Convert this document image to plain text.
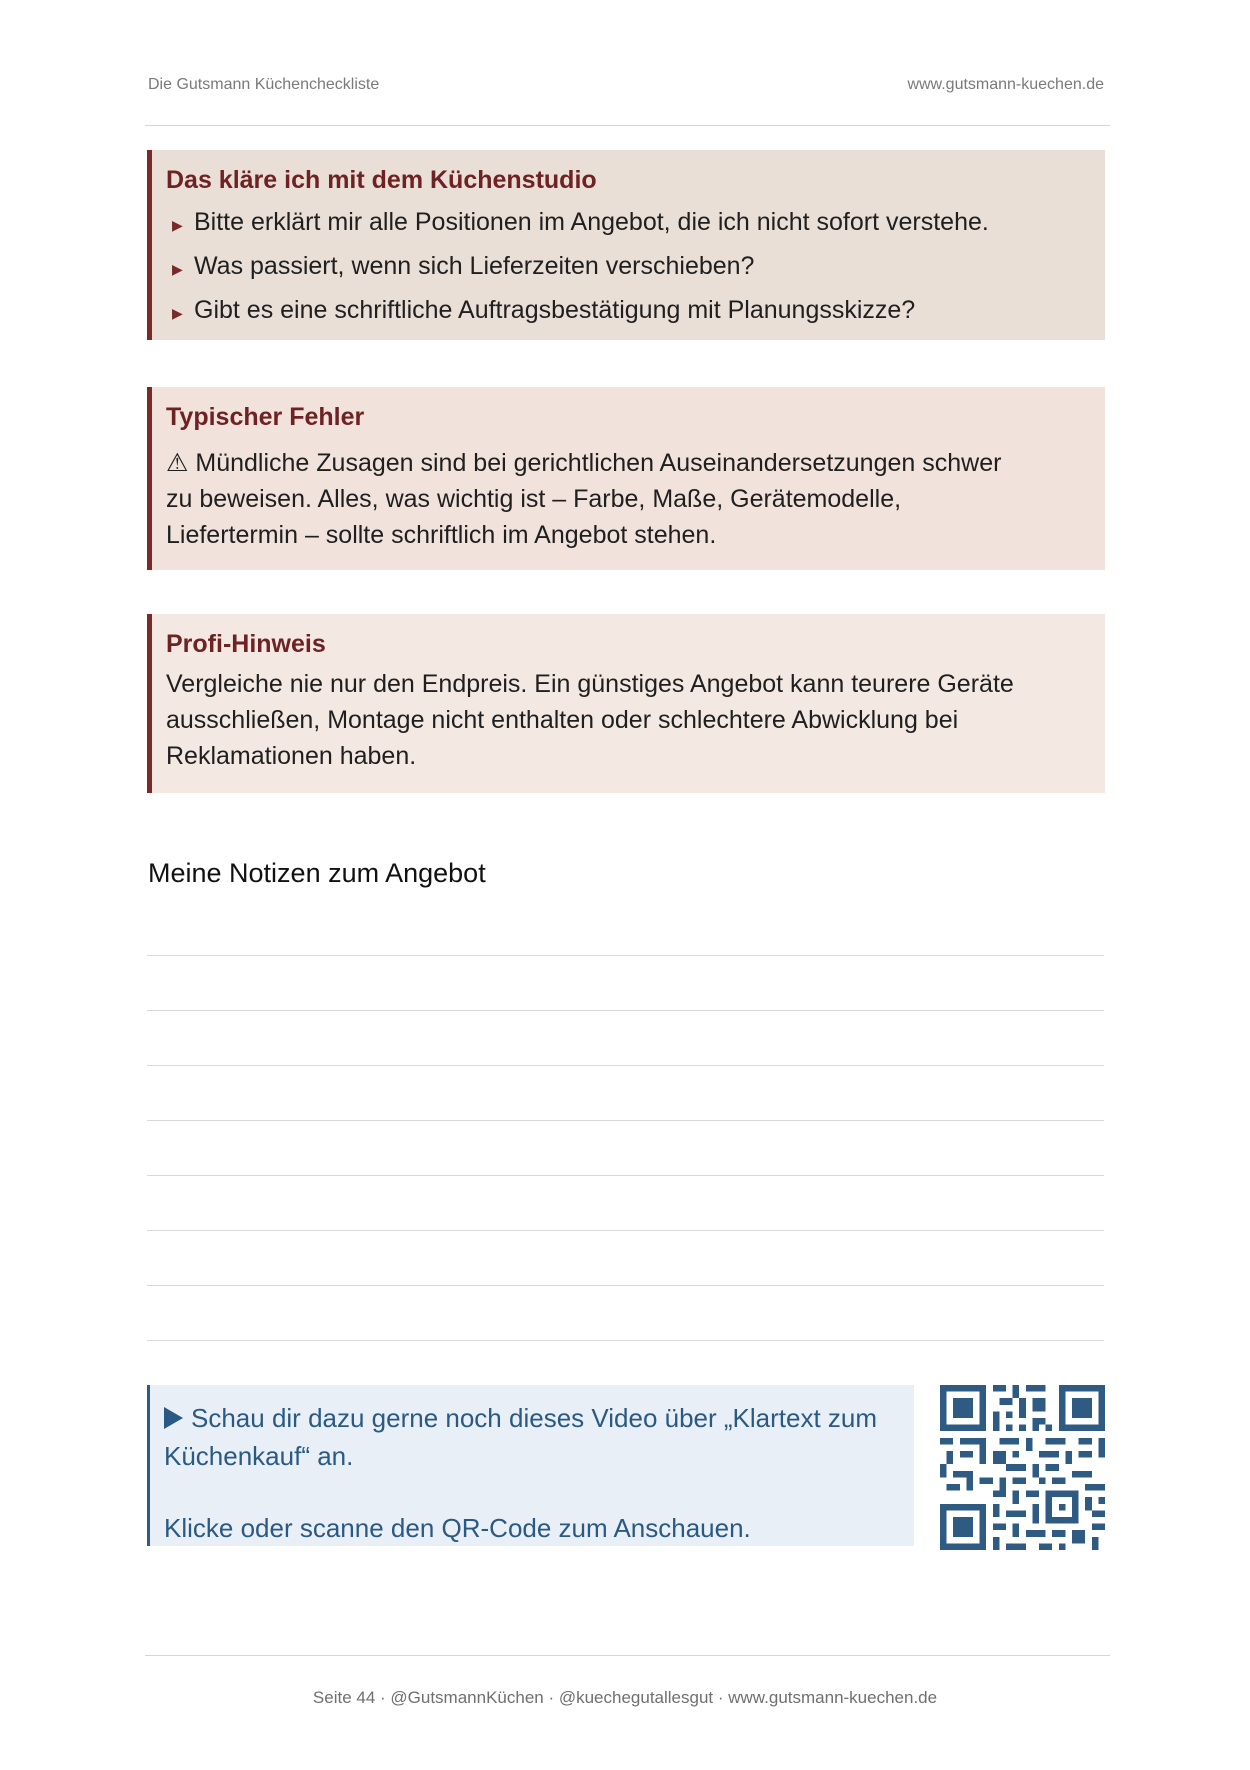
Die Gutsmann Küchencheckliste	www.gutsmann-kuechen.de
Das kläre ich mit dem Küchenstudio
▶ Bitte erklärt mir alle Positionen im Angebot, die ich nicht sofort verstehe.
▶ Was passiert, wenn sich Lieferzeiten verschieben?
▶ Gibt es eine schriftliche Auftragsbestätigung mit Planungsskizze?
Typischer Fehler
⚠ Mündliche Zusagen sind bei gerichtlichen Auseinandersetzungen schwer
zu beweisen. Alles, was wichtig ist – Farbe, Maße, Gerätemodelle,
Liefertermin – sollte schriftlich im Angebot stehen.
Profi-Hinweis
Vergleiche nie nur den Endpreis. Ein günstiges Angebot kann teurere Geräte
ausschließen, Montage nicht enthalten oder schlechtere Abwicklung bei
Reklamationen haben.
Meine Notizen zum Angebot
Schau dir dazu gerne noch dieses Video über „Klartext zum
Küchenkauf“ an.
Klicke oder scanne den QR-Code zum Anschauen.
Seite 44 · @GutsmannKüchen · @kuechegutallesgut · www.gutsmann-kuechen.de
